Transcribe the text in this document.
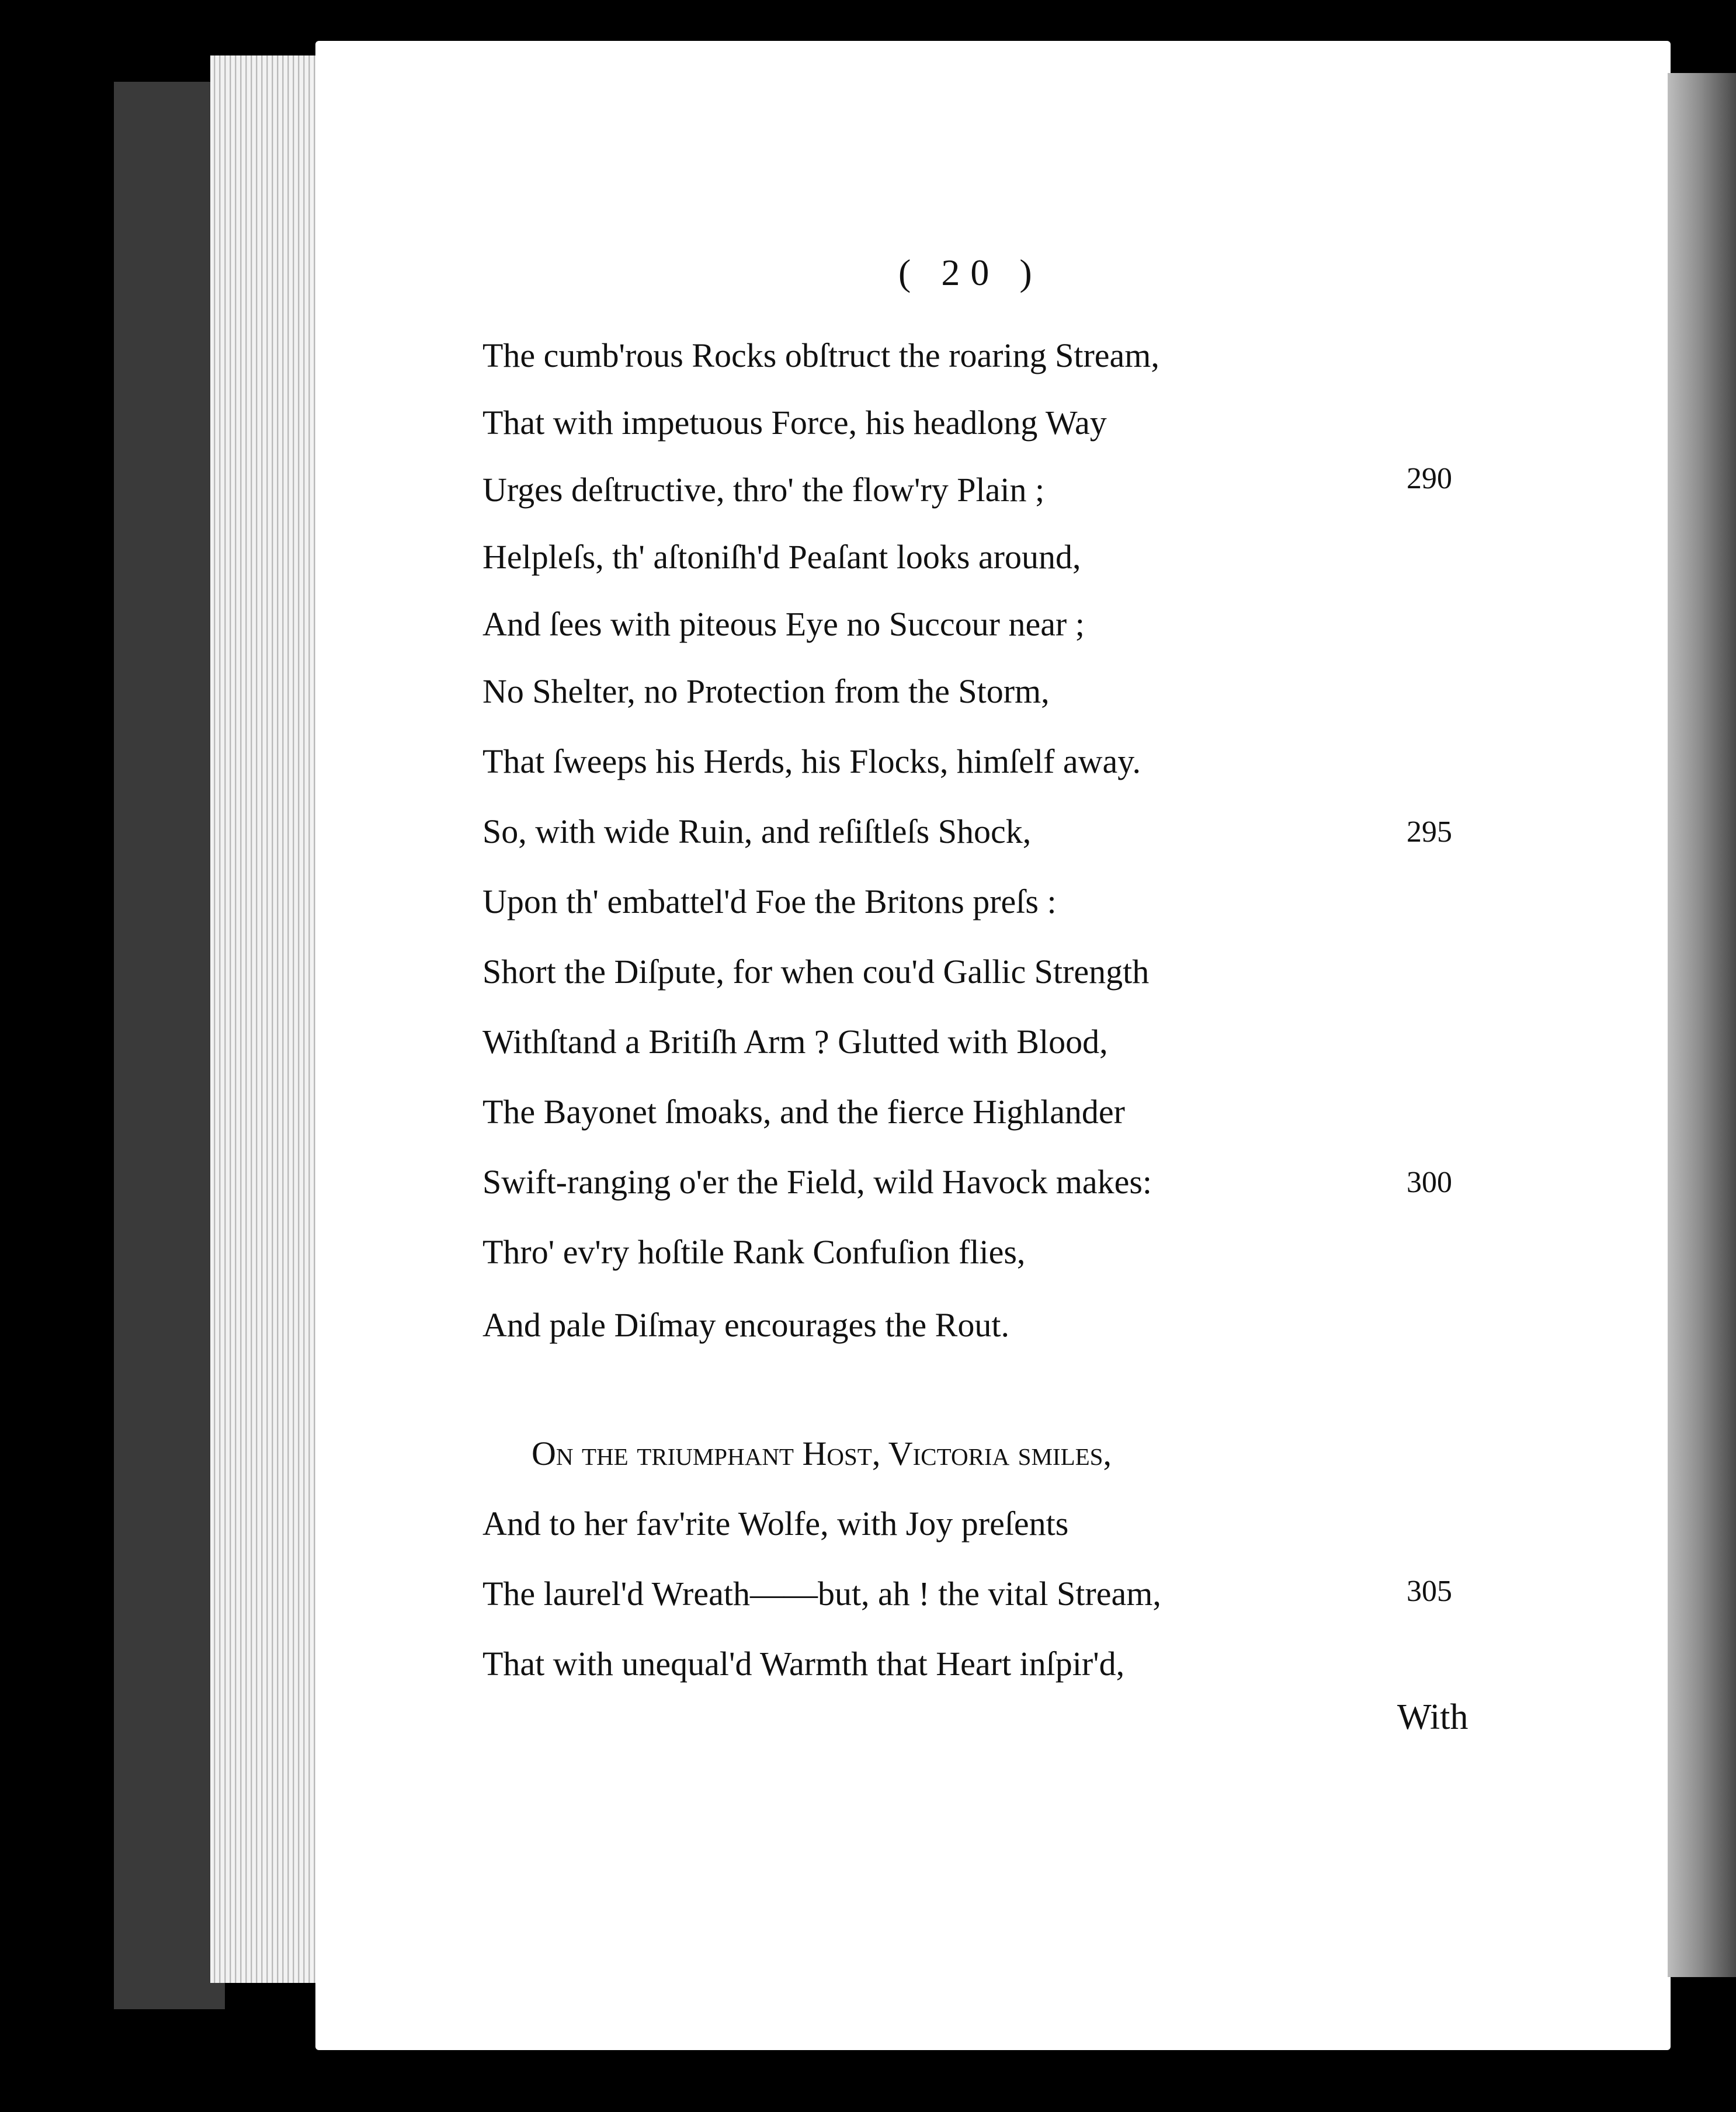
( 20 )
The cumb'rous Rocks obſtruct the roaring Stream,
That with impetuous Force, his headlong Way
Urges deſtructive, thro' the flow'ry Plain ;
Helpleſs, th' aſtoniſh'd Peaſant looks around,
And ſees with piteous Eye no Succour near ;
No Shelter, no Protection from the Storm,
That ſweeps his Herds, his Flocks, himſelf away.
So, with wide Ruin, and reſiſtleſs Shock,
Upon th' embattel'd Foe the Britons preſs :
Short the Diſpute, for when cou'd Gallic Strength
Withſtand a Britiſh Arm ? Glutted with Blood,
The Bayonet ſmoaks, and the fierce Highlander
Swift-ranging o'er the Field, wild Havock makes:
Thro' ev'ry hoſtile Rank Confuſion flies,
And pale Diſmay encourages the Rout.
On the triumphant Hoſt, Victoria ſmiles,
And to her fav'rite Wolfe, with Joy preſents
The laurel'd Wreath——but, ah ! the vital Stream,
That with unequal'd Warmth that Heart inſpir'd,
290
295
300
305
With
